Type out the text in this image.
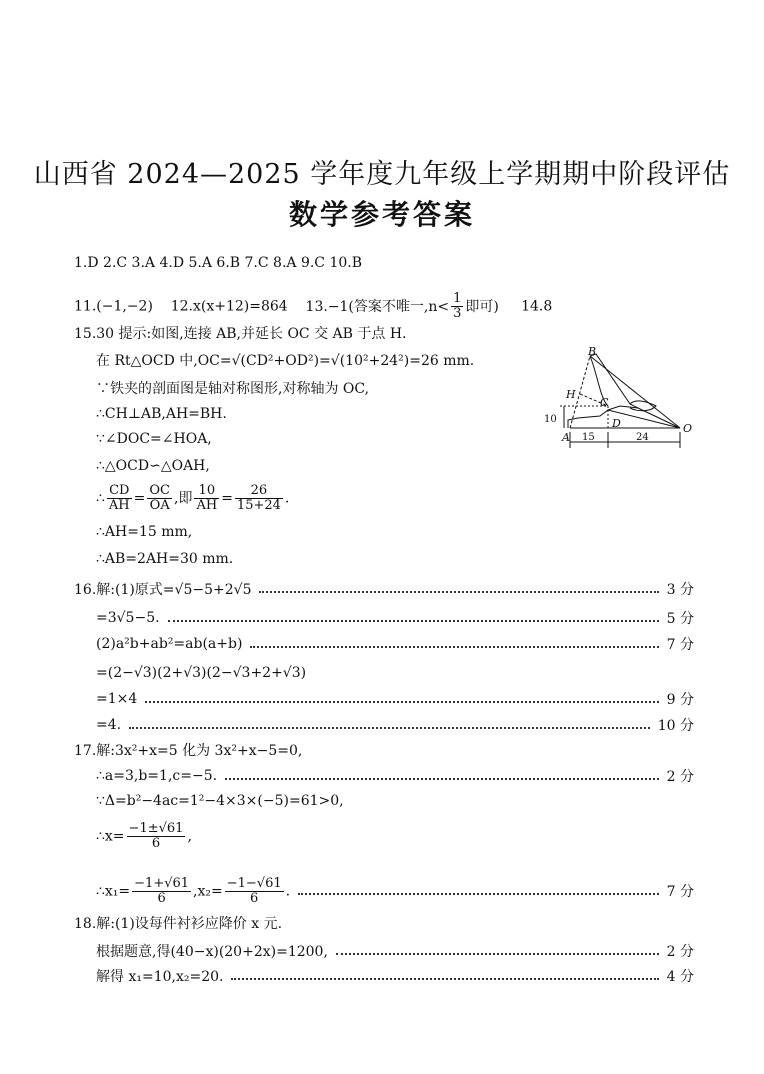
山西省 2024—2025 学年度九年级上学期期中阶段评估
数学参考答案
1.D 2.C 3.A 4.D 5.A 6.B 7.C 8.A 9.C 10.B
11.(−1,−2) 12.x(x+12)=864 13.−1(答案不唯一$,n< \frac{1}{3}$ 即可) 14.8
15.30 提示:如图,连接 AB,并延长 OC 交 AB 于点 H.
在 Rt△OCD 中,OC=√(CD²+OD²)=√(10²+24²)=26 mm.
∵铁夹的剖面图是轴对称图形,对称轴为 OC,
∴CH⊥AB,AH=BH.
∵∠DOC=∠HOA,
∴△OCD∽△OAH,
∴ $\frac{CD}{AH} = \frac{OC}{OA}$ ,即 $\frac{10}{AH} = \frac{26}{15+24}$ .
∴AH=15 mm,
∴AB=2AH=30 mm.
B
H
C
A
D	O
10
15	24
16.解:(1)原式=√5−5+2√5	3 分
=3√5−5.	5 分
(2)a²b+ab²=ab(a+b)	7 分
=(2−√3)(2+√3)(2−√3+2+√3)
=1×4	9 分
=4.	10 分
17.解:3x²+x=5 化为 3x²+x−5=0,
∴a=3,b=1,c=−5.	2 分
∵Δ=b²−4ac=1²−4×3×(−5)=61>0,
∴x= $\frac{-1\pm√61}{6}$ ,
∴x₁= $\frac{-1+√61}{6} ,x_2= \frac{-1-√61}{6}$ .	7 分
18.解:(1)设每件衬衫应降价 x 元.
根据题意,得(40−x)(20+2x)=1200,	2 分
解得 x₁=10,x₂=20.	4 分
